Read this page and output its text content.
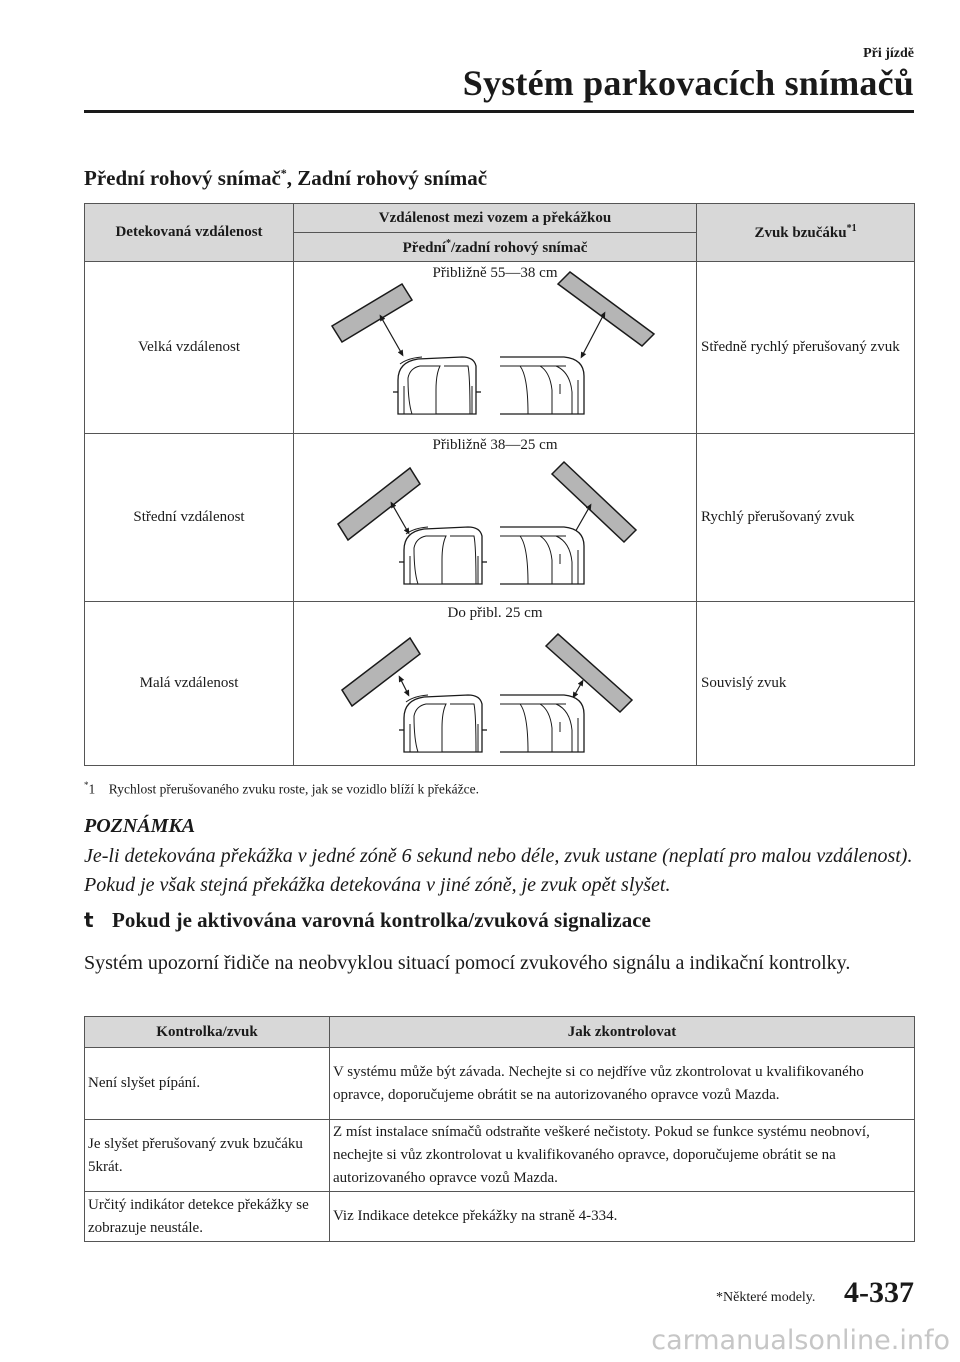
Při jízdě
Systém parkovacích snímačů
Přední rohový snímač*, Zadní rohový snímač
Detekovaná vzdálenost	Vzdálenost mezi vozem a překážkou	Zvuk bzučáku$^{*1}$
	Přední*/zadní rohový snímač	
Velká vzdálenost	Přibližně 55—38 cm	Středně rychlý přerušovaný zvuk
Střední vzdálenost	Přibližně 38—25 cm	Rychlý přerušovaný zvuk
Malá vzdálenost	Do přibl. 25 cm	Souvislý zvuk
*1    Rychlost přerušovaného zvuku roste, jak se vozidlo blíží k překážce.
POZNÁMKA
Je-li detekována překážka v jedné zóně 6 sekund nebo déle, zvuk ustane (neplatí pro malou vzdálenost). Pokud je však stejná překážka detekována v jiné zóně, je zvuk opět slyšet.
t Pokud je aktivována varovná kontrolka/zvuková signalizace
Systém upozorní řidiče na neobvyklou situací pomocí zvukového signálu a indikační kontrolky.
Kontrolka/zvuk	Jak zkontrolovat
Není slyšet pípání.	V systému může být závada. Nechejte si co nejdříve vůz zkontrolovat u kvalifikovaného opravce, doporučujeme obrátit se na autorizovaného opravce vozů Mazda.
Je slyšet přerušovaný zvuk bzučáku 5krát.	Z míst instalace snímačů odstraňte veškeré nečistoty. Pokud se funkce systému neobnoví, nechejte si vůz zkontrolovat u kvalifikovaného opravce, doporučujeme obrátit se na autorizovaného opravce vozů Mazda.
Určitý indikátor detekce překážky se zobrazuje neustále.	Viz Indikace detekce překážky na straně 4-334.
*Některé modely. 4-337
carmanualsonline.info
